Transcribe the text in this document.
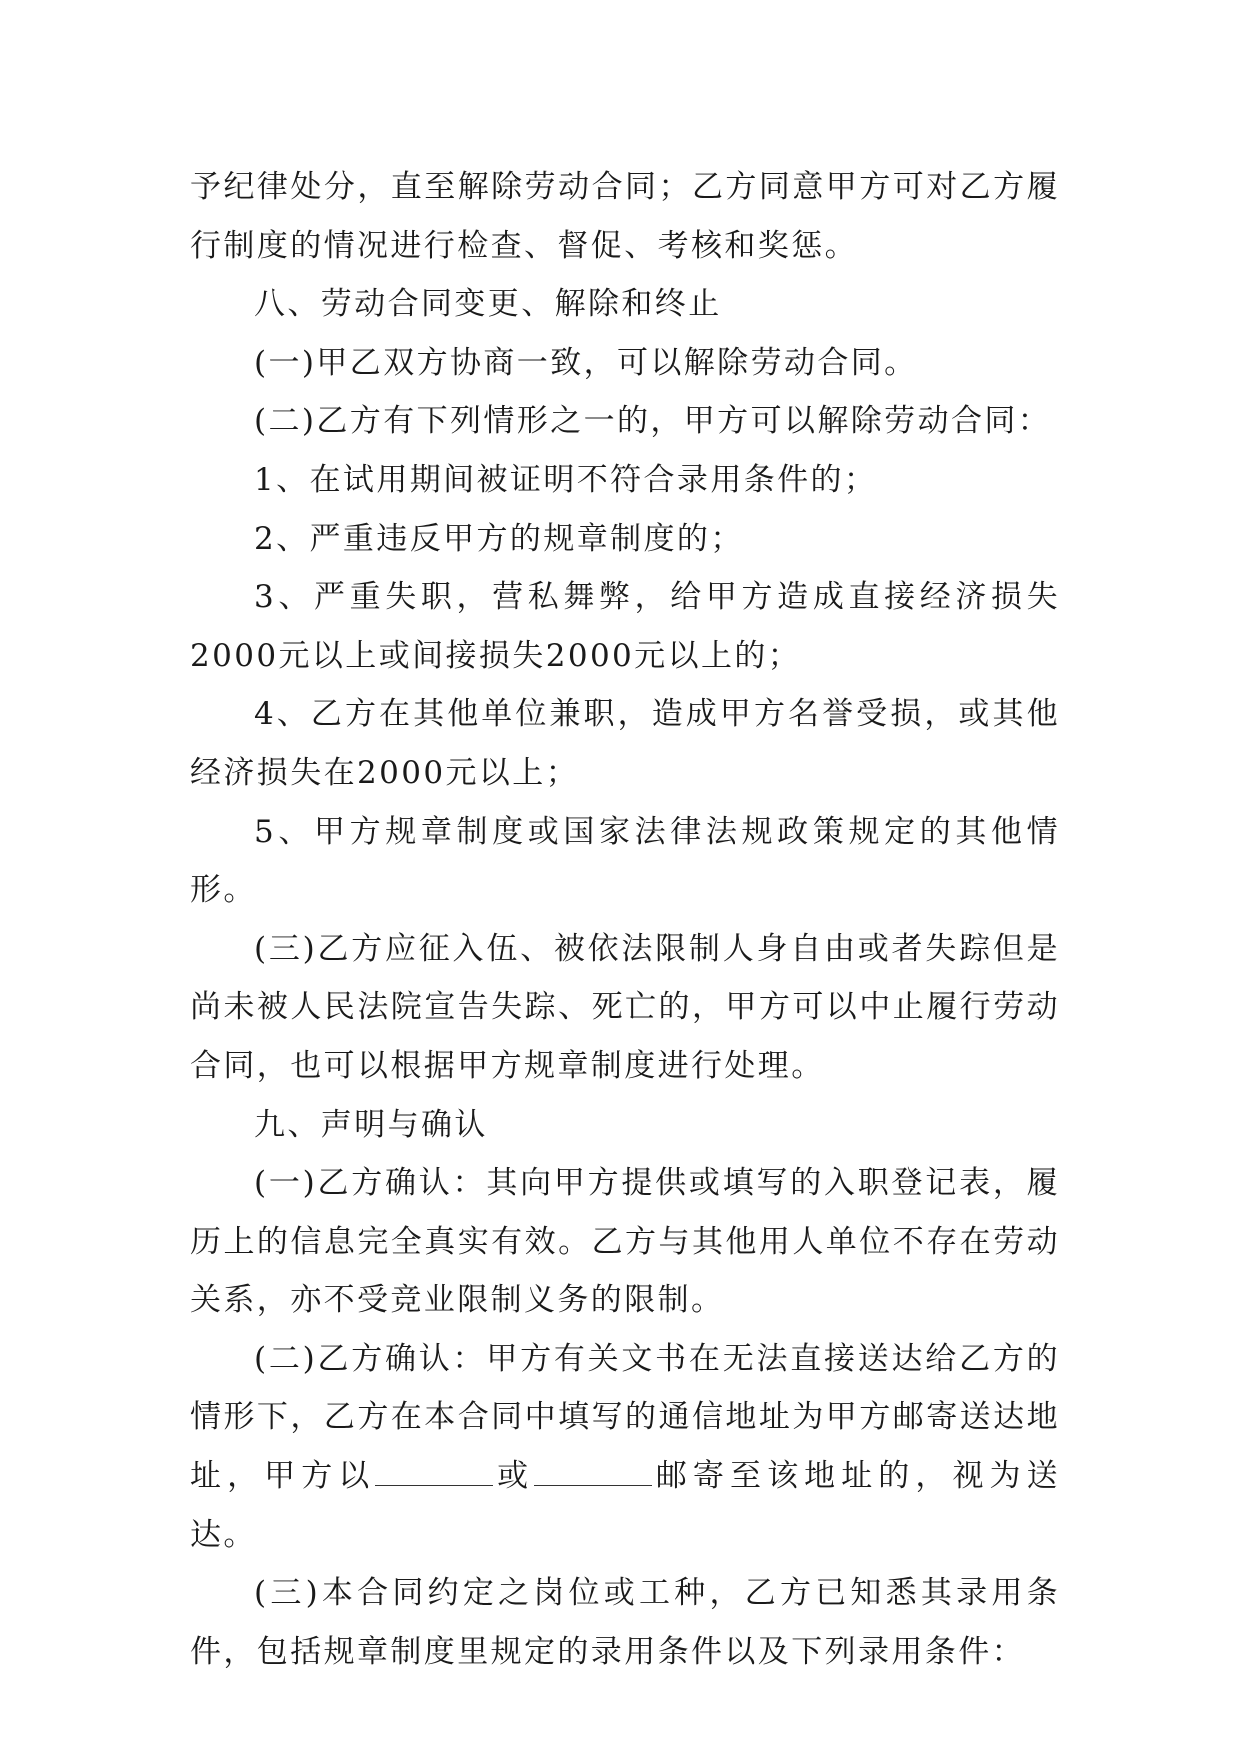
予纪律处分，直至解除劳动合同；乙方同意甲方可对乙方履行制度的情况进行检查、督促、考核和奖惩。

八、劳动合同变更、解除和终止

(一)甲乙双方协商一致，可以解除劳动合同。

(二)乙方有下列情形之一的，甲方可以解除劳动合同：

1、在试用期间被证明不符合录用条件的；

2、严重违反甲方的规章制度的；

3、严重失职，营私舞弊，给甲方造成直接经济损失2000元以上或间接损失2000元以上的；

4、乙方在其他单位兼职，造成甲方名誉受损，或其他经济损失在2000元以上；

5、甲方规章制度或国家法律法规政策规定的其他情形。

(三)乙方应征入伍、被依法限制人身自由或者失踪但是尚未被人民法院宣告失踪、死亡的，甲方可以中止履行劳动合同，也可以根据甲方规章制度进行处理。

九、声明与确认

(一)乙方确认：其向甲方提供或填写的入职登记表，履历上的信息完全真实有效。乙方与其他用人单位不存在劳动关系，亦不受竞业限制义务的限制。

(二)乙方确认：甲方有关文书在无法直接送达给乙方的情形下，乙方在本合同中填写的通信地址为甲方邮寄送达地址，甲方以	或	邮寄至该地址的，视为送达。

(三)本合同约定之岗位或工种，乙方已知悉其录用条件，包括规章制度里规定的录用条件以及下列录用条件：
